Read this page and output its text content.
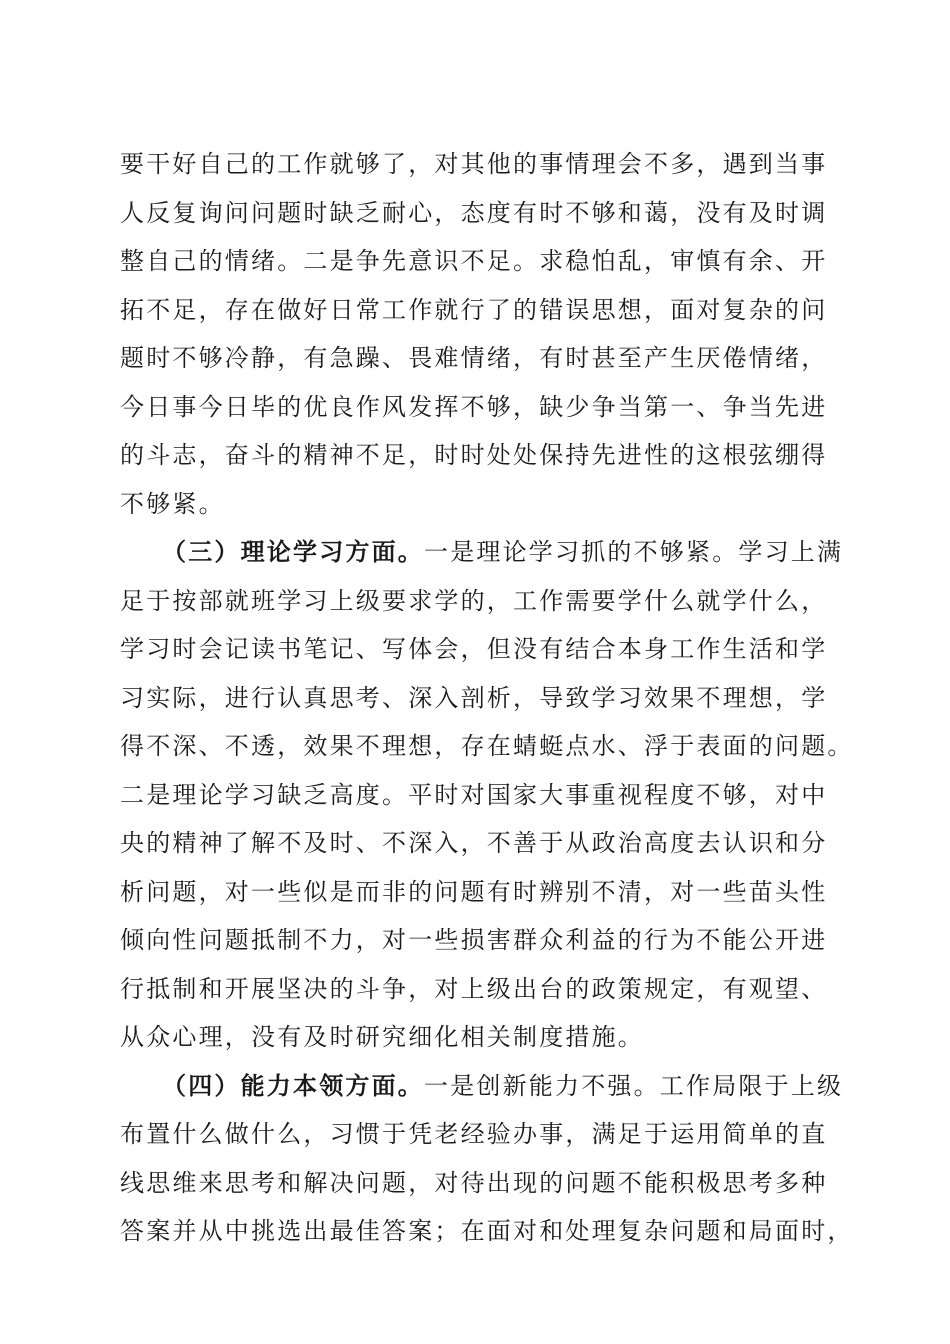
要干好自己的工作就够了，对其他的事情理会不多，遇到当事
人反复询问问题时缺乏耐心，态度有时不够和蔼，没有及时调
整自己的情绪。二是争先意识不足。求稳怕乱，审慎有余、开
拓不足，存在做好日常工作就行了的错误思想，面对复杂的问
题时不够冷静，有急躁、畏难情绪，有时甚至产生厌倦情绪，
今日事今日毕的优良作风发挥不够，缺少争当第一、争当先进
的斗志，奋斗的精神不足，时时处处保持先进性的这根弦绷得
不够紧。
（三）理论学习方面。一是理论学习抓的不够紧。学习上满
足于按部就班学习上级要求学的，工作需要学什么就学什么，
学习时会记读书笔记、写体会，但没有结合本身工作生活和学
习实际，进行认真思考、深入剖析，导致学习效果不理想，学
得不深、不透，效果不理想，存在蜻蜓点水、浮于表面的问题。
二是理论学习缺乏高度。平时对国家大事重视程度不够，对中
央的精神了解不及时、不深入，不善于从政治高度去认识和分
析问题，对一些似是而非的问题有时辨别不清，对一些苗头性
倾向性问题抵制不力，对一些损害群众利益的行为不能公开进
行抵制和开展坚决的斗争，对上级出台的政策规定，有观望、
从众心理，没有及时研究细化相关制度措施。
（四）能力本领方面。一是创新能力不强。工作局限于上级
布置什么做什么，习惯于凭老经验办事，满足于运用简单的直
线思维来思考和解决问题，对待出现的问题不能积极思考多种
答案并从中挑选出最佳答案；在面对和处理复杂问题和局面时，
